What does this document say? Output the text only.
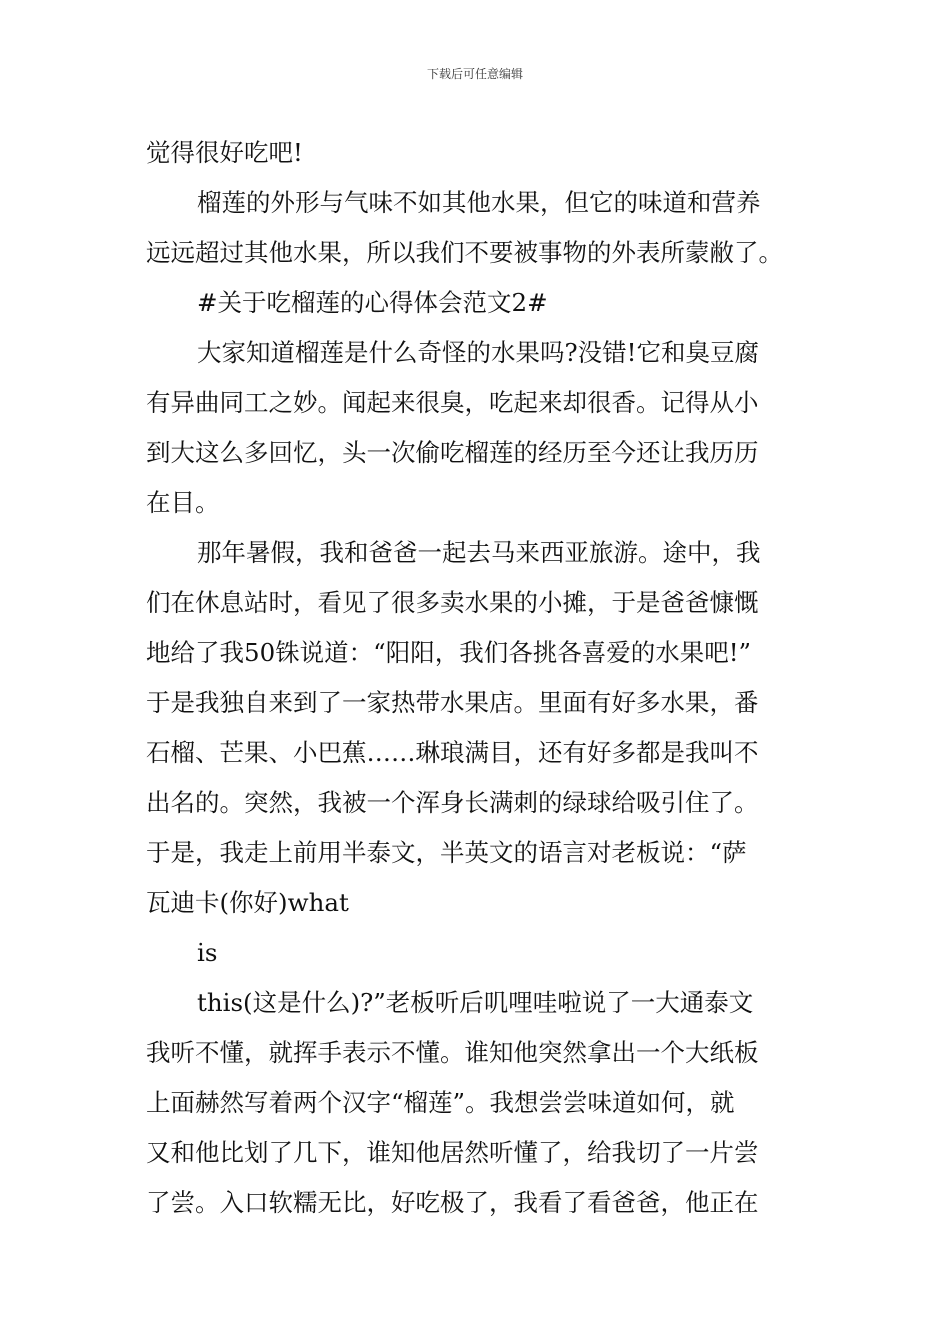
下载后可任意编辑
觉得很好吃吧!
榴莲的外形与气味不如其他水果，但它的味道和营养
远远超过其他水果，所以我们不要被事物的外表所蒙敝了。
#关于吃榴莲的心得体会范文2#
大家知道榴莲是什么奇怪的水果吗?没错!它和臭豆腐
有异曲同工之妙。闻起来很臭，吃起来却很香。记得从小
到大这么多回忆，头一次偷吃榴莲的经历至今还让我历历
在目。
那年暑假，我和爸爸一起去马来西亚旅游。途中，我
们在休息站时，看见了很多卖水果的小摊，于是爸爸慷慨
地给了我50铢说道：“阳阳，我们各挑各喜爱的水果吧!”
于是我独自来到了一家热带水果店。里面有好多水果，番
石榴、芒果、小巴蕉……琳琅满目，还有好多都是我叫不
出名的。突然，我被一个浑身长满刺的绿球给吸引住了。
于是，我走上前用半泰文，半英文的语言对老板说：“萨
瓦迪卡(你好)what
is
this(这是什么)?”老板听后叽哩哇啦说了一大通泰文
我听不懂，就挥手表示不懂。谁知他突然拿出一个大纸板
上面赫然写着两个汉字“榴莲”。我想尝尝味道如何，就
又和他比划了几下，谁知他居然听懂了，给我切了一片尝
了尝。入口软糯无比，好吃极了，我看了看爸爸，他正在
